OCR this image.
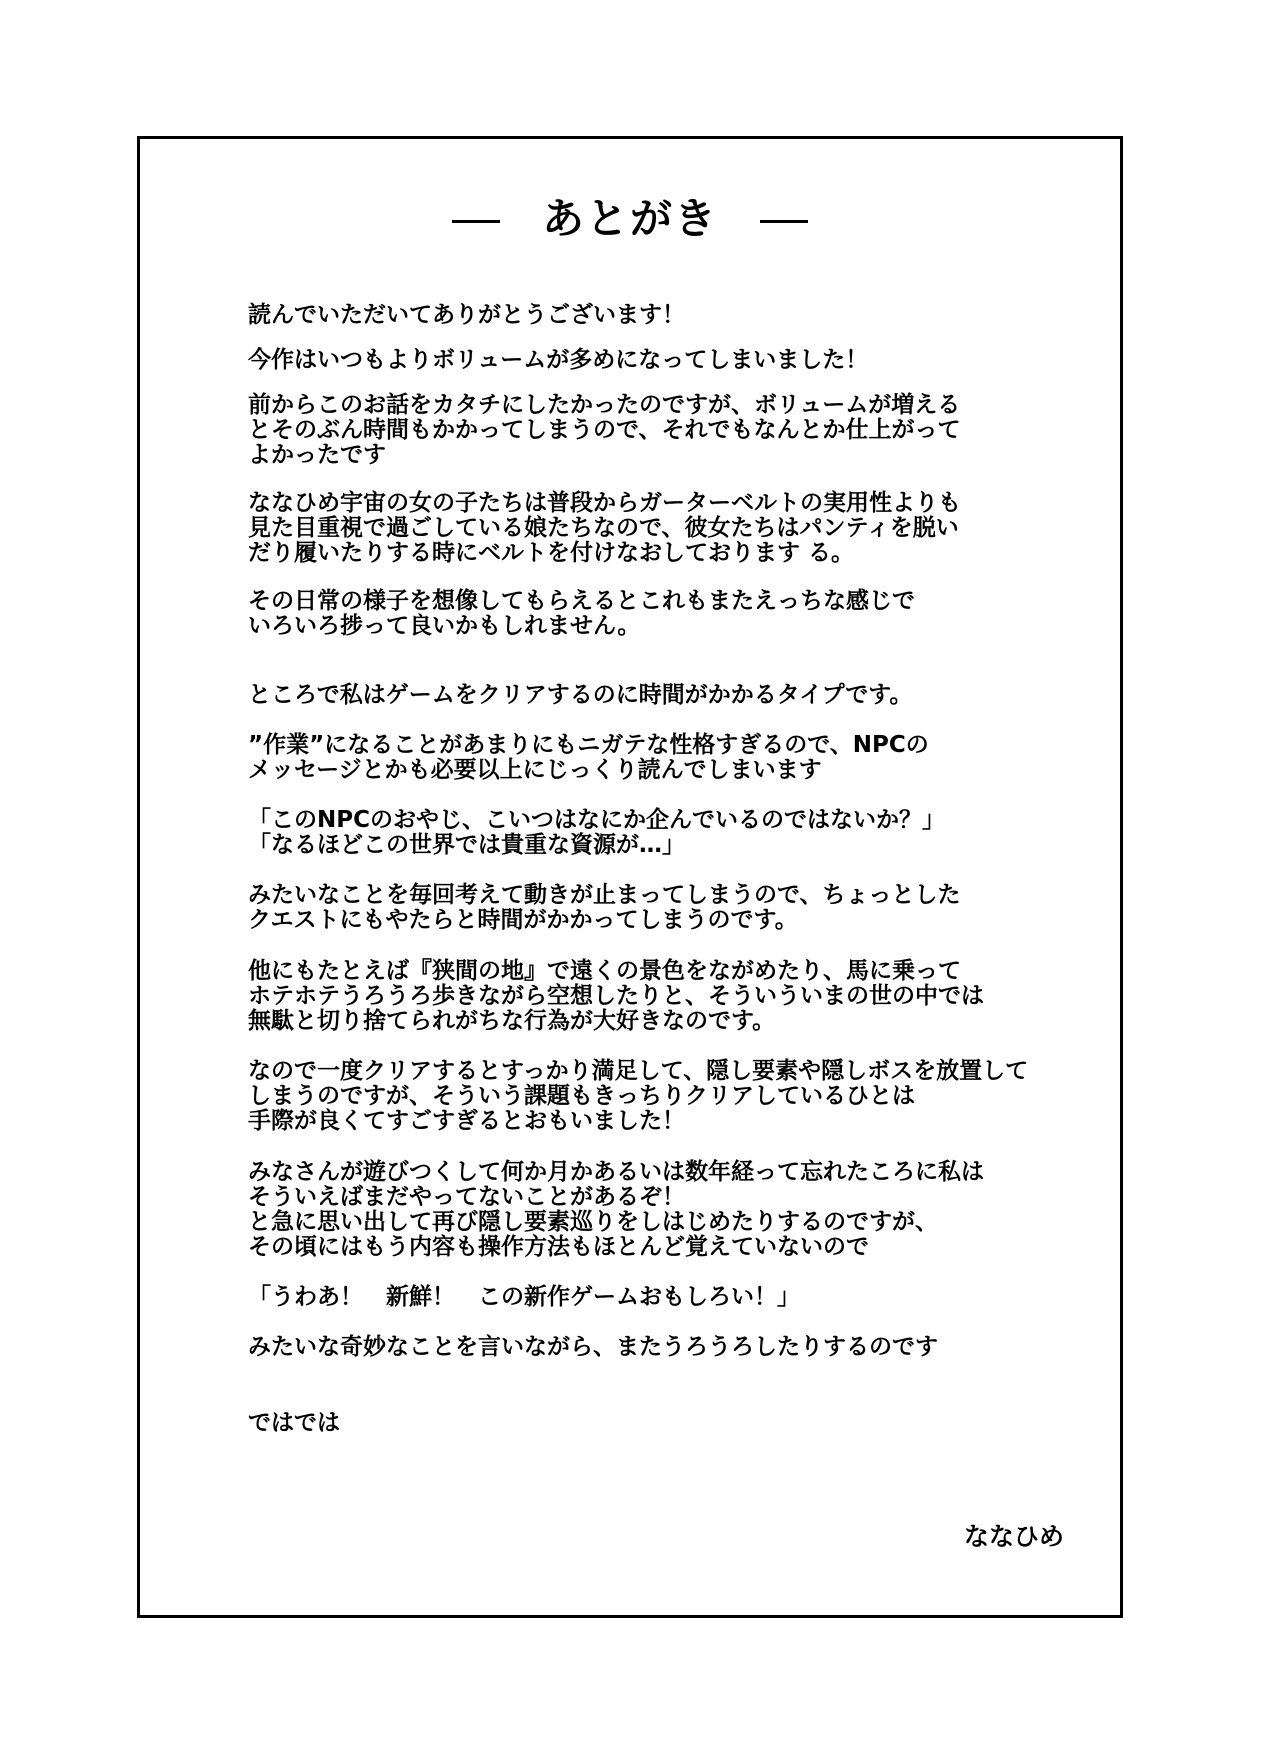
あとがき

読んでいただいてありがとうございます！

今作はいつもよりボリュームが多めになってしまいました！

前からこのお話をカタチにしたかったのですが、ボリュームが増える
とそのぶん時間もかかってしまうので、それでもなんとか仕上がって
よかったです

ななひめ宇宙の女の子たちは普段からガーターベルトの実用性よりも
見た目重視で過ごしている娘たちなので、彼女たちはパンティを脱い
だり履いたりする時にベルトを付けなおしております る。

その日常の様子を想像してもらえるとこれもまたえっちな感じで
いろいろ捗って良いかもしれません。

ところで私はゲームをクリアするのに時間がかかるタイプです。

”作業”になることがあまりにもニガテな性格すぎるので、NPCの
メッセージとかも必要以上にじっくり読んでしまいます

「このNPCのおやじ、こいつはなにか企んでいるのではないか？」
「なるほどこの世界では貴重な資源が…」

みたいなことを毎回考えて動きが止まってしまうので、ちょっとした
クエストにもやたらと時間がかかってしまうのです。

他にもたとえば『狭間の地』で遠くの景色をながめたり、馬に乗って
ホテホテうろうろ歩きながら空想したりと、そういういまの世の中では
無駄と切り捨てられがちな行為が大好きなのです。

なので一度クリアするとすっかり満足して、隠し要素や隠しボスを放置して
しまうのですが、そういう課題もきっちりクリアしているひとは
手際が良くてすごすぎるとおもいました！

みなさんが遊びつくして何か月かあるいは数年経って忘れたころに私は
そういえばまだやってないことがあるぞ！
と急に思い出して再び隠し要素巡りをしはじめたりするのですが、
その頃にはもう内容も操作方法もほとんど覚えていないので

「うわあ！　新鮮！　この新作ゲームおもしろい！」

みたいな奇妙なことを言いながら、またうろうろしたりするのです

ではでは

ななひめ
